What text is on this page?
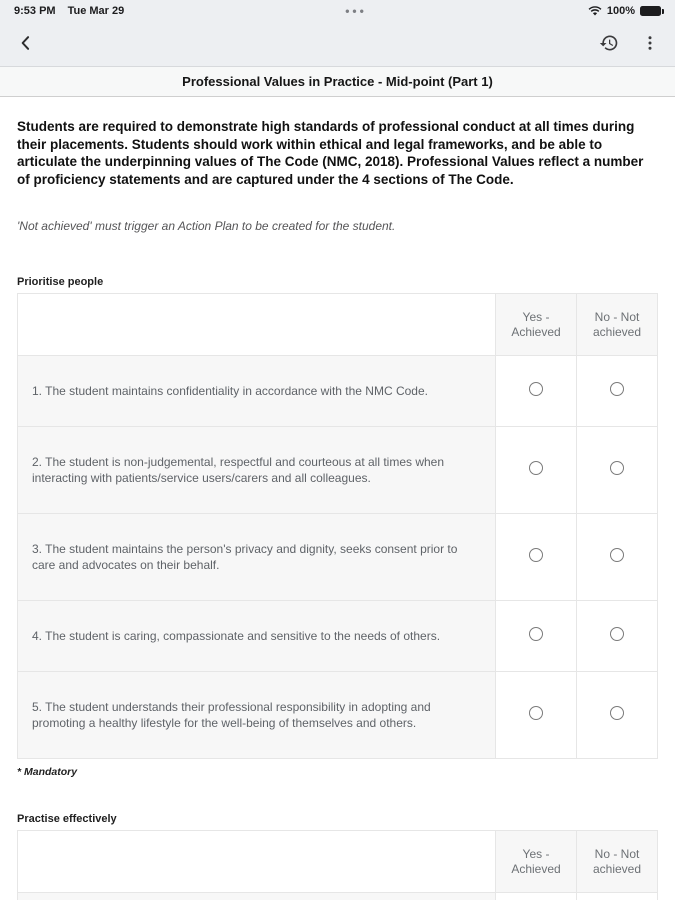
9:53 PM Tue Mar 29	•••	100%
Professional Values in Practice - Mid-point (Part 1)

Students are required to demonstrate high standards of professional conduct at all times during their placements. Students should work within ethical and legal frameworks, and be able to articulate the underpinning values of The Code (NMC, 2018). Professional Values reflect a number of proficiency statements and are captured under the 4 sections of The Code.

'Not achieved' must trigger an Action Plan to be created for the student.

Prioritise people
	Yes - Achieved	No - Not achieved
1. The student maintains confidentiality in accordance with the NMC Code.		
2. The student is non-judgemental, respectful and courteous at all times when interacting with patients/service users/carers and all colleagues.		
3. The student maintains the person's privacy and dignity, seeks consent prior to care and advocates on their behalf.		
4. The student is caring, compassionate and sensitive to the needs of others.		
5. The student understands their professional responsibility in adopting and promoting a healthy lifestyle for the well-being of themselves and others.		
* Mandatory
Practise effectively
	Yes - Achieved	No - Not achieved
